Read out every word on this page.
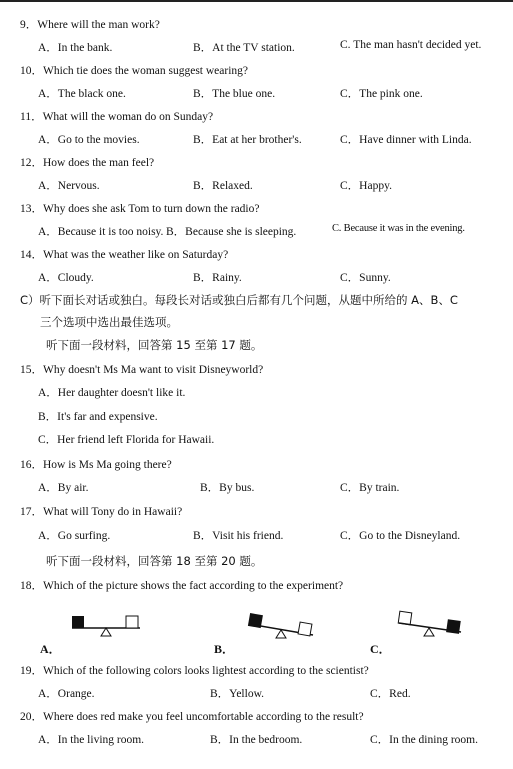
9．Where will the man work?
A．In the bank.	B．At the TV station.	C. The man hasn't decided yet.
10．Which tie does the woman suggest wearing?
A．The black one.	B．The blue one.	C．The pink one.
11．What will the woman do on Sunday?
A．Go to the movies.	B．Eat at her brother's.	C．Have dinner with Linda.
12．How does the man feel?
A．Nervous.	B．Relaxed.	C．Happy.
13．Why does she ask Tom to turn down the radio?
A．Because it is too noisy. B．Because she is sleeping.	C. Because it was in the evening.
14．What was the weather like on Saturday?
A．Cloudy.	B．Rainy.	C．Sunny.
C）听下面长对话或独白。每段长对话或独白后都有几个问题，从题中所给的 A、B、C
三个选项中选出最佳选项。
听下面一段材料，回答第 15 至第 17 题。
15．Why doesn't Ms Ma want to visit Disneyworld?
A．Her daughter doesn't like it.
B．It's far and expensive.
C．Her friend left Florida for Hawaii.
16．How is Ms Ma going there?
A．By air.	B．By bus.	C．By train.
17．What will Tony do in Hawaii?
A．Go surfing.	B．Visit his friend.	C．Go to the Disneyland.
听下面一段材料，回答第 18 至第 20 题。
18．Which of the picture shows the fact according to the experiment?
A．	B．	C．
19．Which of the following colors looks lightest according to the scientist?
A．Orange.	B．Yellow.	C．Red.
20．Where does red make you feel uncomfortable according to the result?
A．In the living room.	B．In the bedroom.	C．In the dining room.
